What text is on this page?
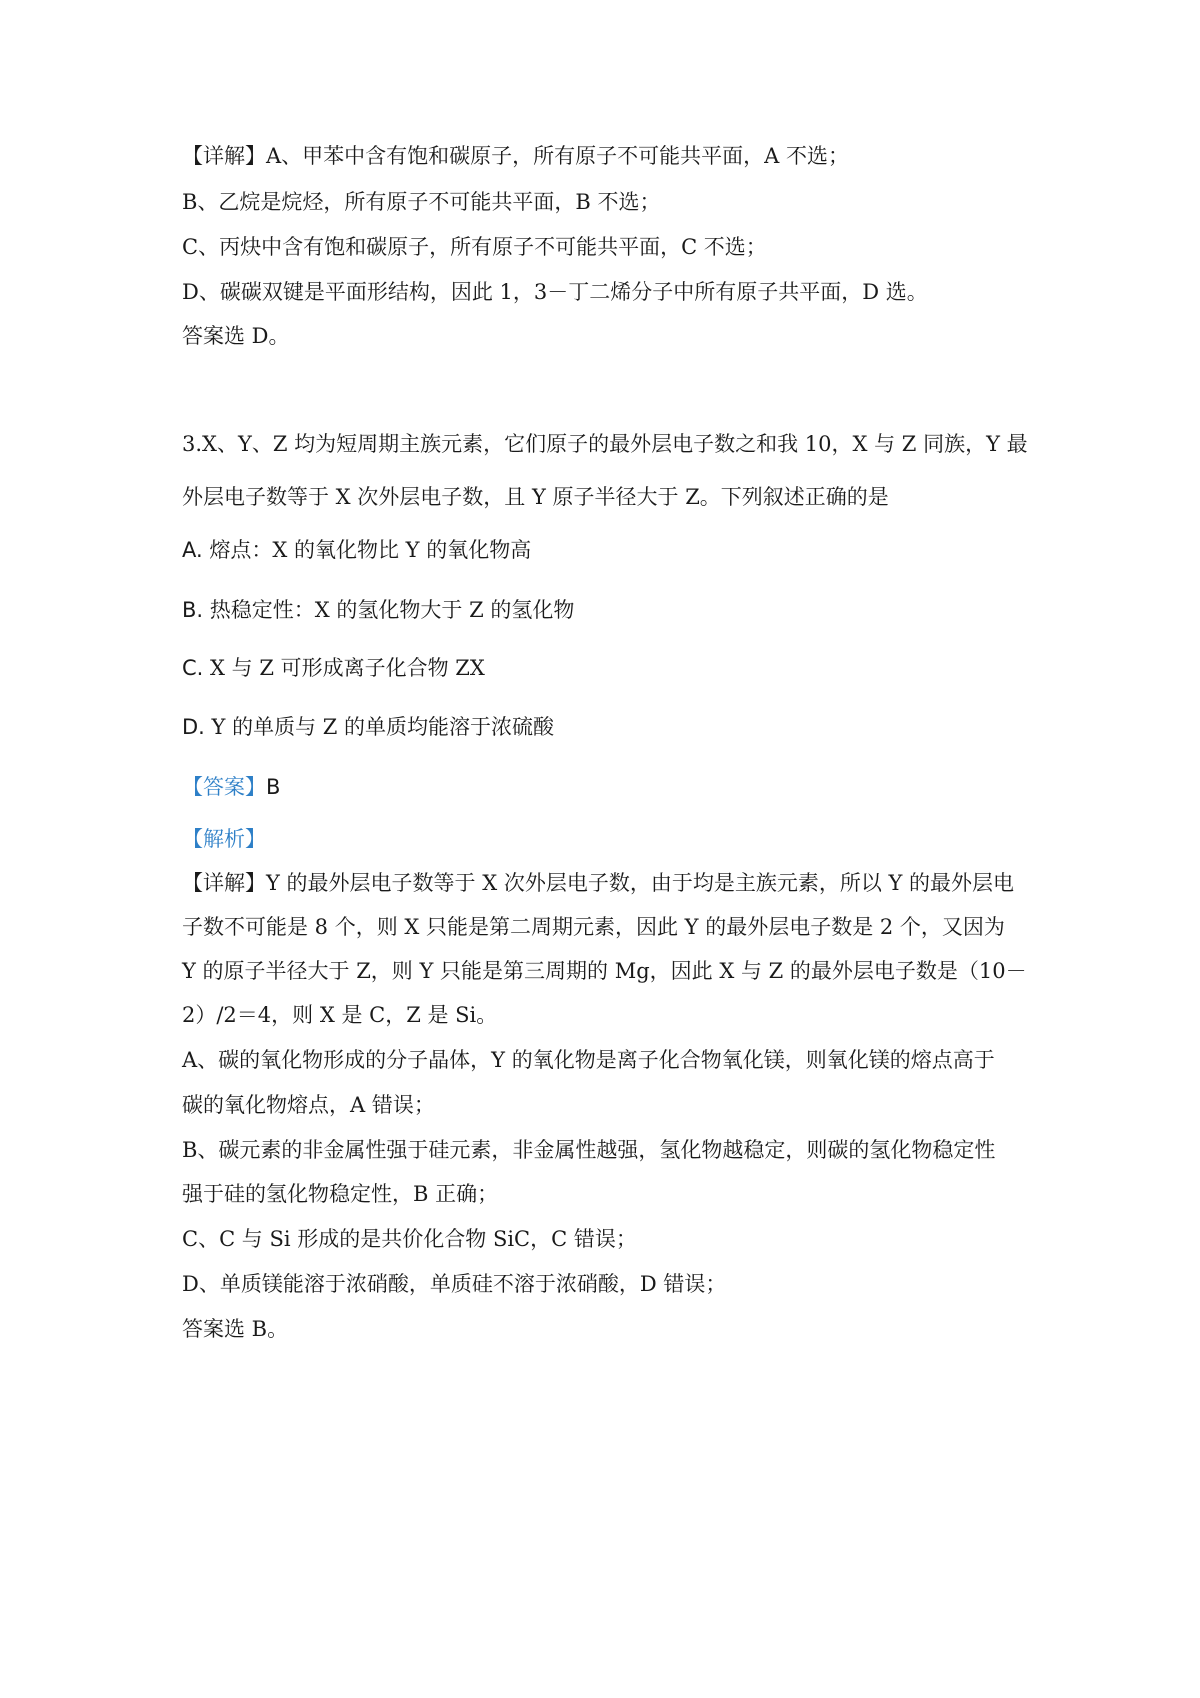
【详解】A、甲苯中含有饱和碳原子，所有原子不可能共平面，A 不选；
B、乙烷是烷烃，所有原子不可能共平面，B 不选；
C、丙炔中含有饱和碳原子，所有原子不可能共平面，C 不选；
D、碳碳双键是平面形结构，因此 1，3－丁二烯分子中所有原子共平面，D 选。
答案选 D。
3.X、Y、Z 均为短周期主族元素，它们原子的最外层电子数之和我 10，X 与 Z 同族，Y 最
外层电子数等于 X 次外层电子数，且 Y 原子半径大于 Z。下列叙述正确的是
A. 熔点：X 的氧化物比 Y 的氧化物高
B. 热稳定性：X 的氢化物大于 Z 的氢化物
C. X 与 Z 可形成离子化合物 ZX
D. Y 的单质与 Z 的单质均能溶于浓硫酸
【答案】B
【解析】
【详解】Y 的最外层电子数等于 X 次外层电子数，由于均是主族元素，所以 Y 的最外层电
子数不可能是 8 个，则 X 只能是第二周期元素，因此 Y 的最外层电子数是 2 个，又因为
Y 的原子半径大于 Z，则 Y 只能是第三周期的 Mg，因此 X 与 Z 的最外层电子数是（10－
2）/2＝4，则 X 是 C，Z 是 Si。
A、碳的氧化物形成的分子晶体，Y 的氧化物是离子化合物氧化镁，则氧化镁的熔点高于
碳的氧化物熔点，A 错误；
B、碳元素的非金属性强于硅元素，非金属性越强，氢化物越稳定，则碳的氢化物稳定性
强于硅的氢化物稳定性，B 正确；
C、C 与 Si 形成的是共价化合物 SiC，C 错误；
D、单质镁能溶于浓硝酸，单质硅不溶于浓硝酸，D 错误；
答案选 B。
